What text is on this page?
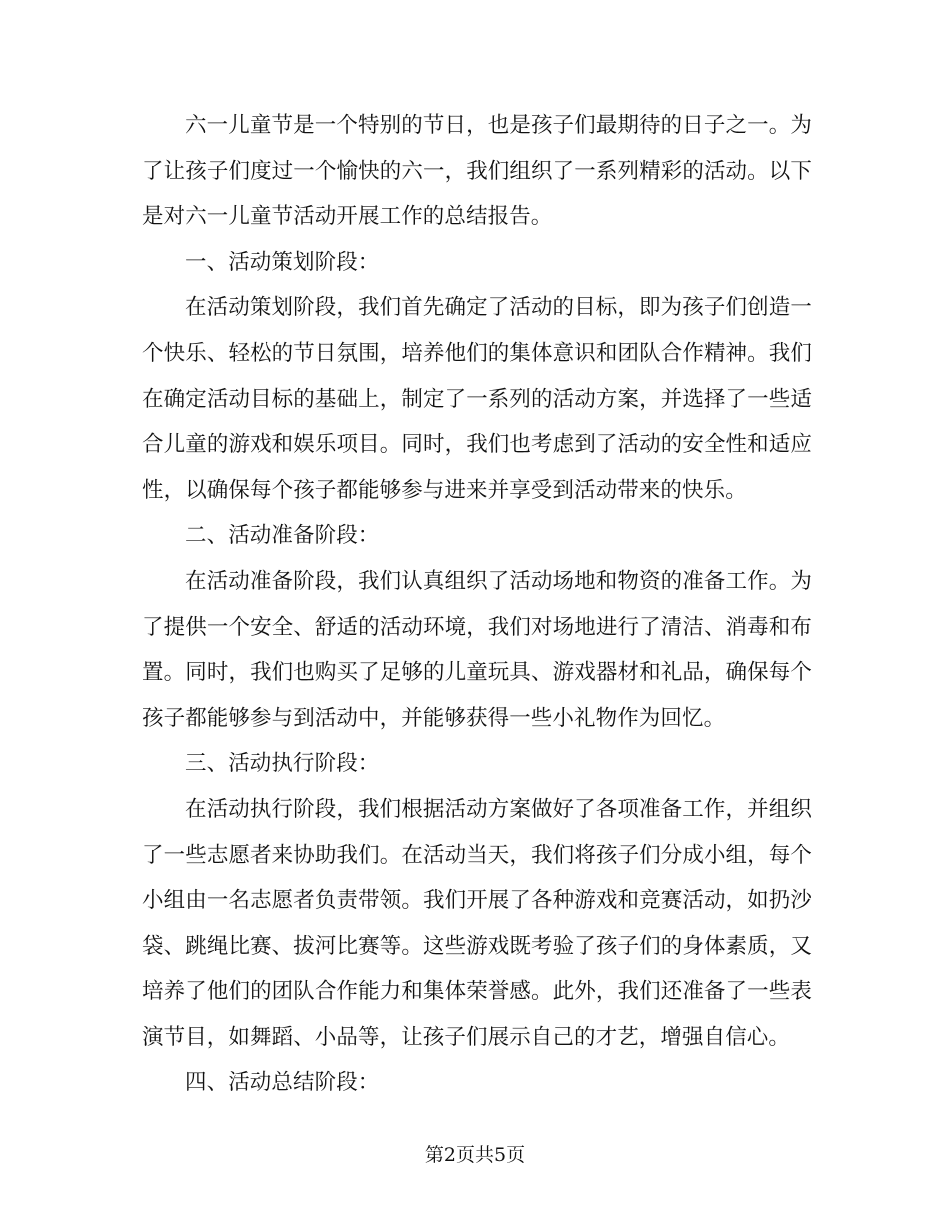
六一儿童节是一个特别的节日，也是孩子们最期待的日子之一。为了让孩子们度过一个愉快的六一，我们组织了一系列精彩的活动。以下是对六一儿童节活动开展工作的总结报告。

一、活动策划阶段：

在活动策划阶段，我们首先确定了活动的目标，即为孩子们创造一个快乐、轻松的节日氛围，培养他们的集体意识和团队合作精神。我们在确定活动目标的基础上，制定了一系列的活动方案，并选择了一些适合儿童的游戏和娱乐项目。同时，我们也考虑到了活动的安全性和适应性，以确保每个孩子都能够参与进来并享受到活动带来的快乐。

二、活动准备阶段：

在活动准备阶段，我们认真组织了活动场地和物资的准备工作。为了提供一个安全、舒适的活动环境，我们对场地进行了清洁、消毒和布置。同时，我们也购买了足够的儿童玩具、游戏器材和礼品，确保每个孩子都能够参与到活动中，并能够获得一些小礼物作为回忆。

三、活动执行阶段：

在活动执行阶段，我们根据活动方案做好了各项准备工作，并组织了一些志愿者来协助我们。在活动当天，我们将孩子们分成小组，每个小组由一名志愿者负责带领。我们开展了各种游戏和竞赛活动，如扔沙袋、跳绳比赛、拔河比赛等。这些游戏既考验了孩子们的身体素质，又培养了他们的团队合作能力和集体荣誉感。此外，我们还准备了一些表演节目，如舞蹈、小品等，让孩子们展示自己的才艺，增强自信心。

四、活动总结阶段：

第2页共5页
